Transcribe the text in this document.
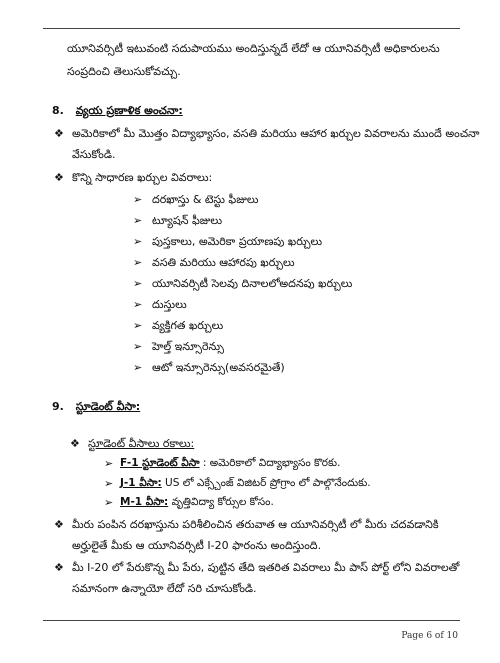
యూనివర్సిటీ ఇటువంటి సదుపాయము అందిస్తున్నదే లేదో ఆ యూనివర్సిటీ అధికారులను
సంప్రదించి తెలుసుకోవచ్చు.
8. వ్యయ ప్రణాళిక అంచనా:
❖ అమెరికాలో మీ మొత్తం విద్యాభ్యాసం, వసతి మరియు ఆహార ఖర్చుల వివరాలను ముందే అంచనా
వేసుకోండి.
❖ కొన్ని సాధారణ ఖర్చుల వివరాలు:
➢ దరఖాస్తు & టెస్టు ఫీజులు
➢ ట్యూషన్ ఫీజులు
➢ పుస్తకాలు, అమెరికా ప్రయాణపు ఖర్చులు
➢ వసతి మరియు ఆహారపు ఖర్చులు
➢ యూనివర్సిటీ సెలవు దినాలలోఅదనపు ఖర్చులు
➢ దుస్తులు
➢ వ్యక్తిగత ఖర్చులు
➢ హెల్త్ ఇన్సూరెన్సు
➢ ఆటో ఇన్సూరెన్సు(అవసరమైతే)
9. స్టూడెంట్ వీసా:
❖ స్టూడెంట్ వీసాలు రకాలు:
➢ F-1 స్టూడెంట్ వీసా : అమెరికాలో విద్యాభ్యాసం కొరకు.
➢ J-1 వీసా: US లో ఎక్స్చేంజ్ విజిటర్ ప్రోగ్రాం లో పాల్గొనేందుకు.
➢ M-1 వీసా: వృత్తివిద్యా కోర్సుల కోసం.
❖ మీరు పంపిన దరఖాస్తును పరిశీలించిన తరువాత ఆ యూనివర్సిటీ లో మీరు చదవడానికి
అర్హులైతే మీకు ఆ యూనివర్సిటీ I-20 ఫారంను అందిస్తుంది.
❖ మీ I-20 లో పేరుకొన్న మీ పేరు, పుట్టిన తేది ఇతరిత వివరాలు మీ పాస్ పోర్ట్ లోని వివరాలతో
సమానంగా ఉన్నాయో లేదో సరి చూసుకోండి.
Page 6 of 10
